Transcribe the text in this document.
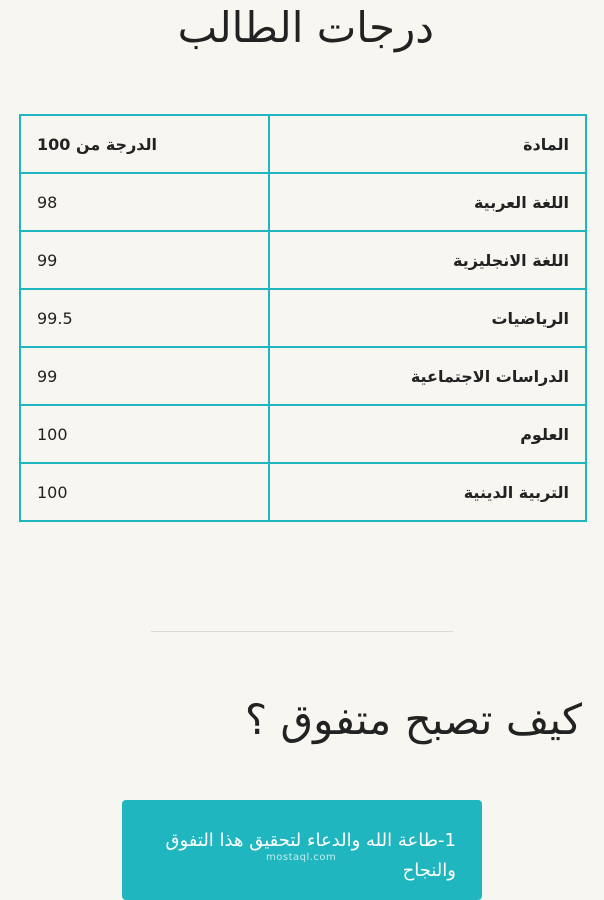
درجات الطالب
المادة	الدرجة من 100
اللغة العربية	98
اللغة الانجليزية	99
الرياضيات	99.5
الدراسات الاجتماعية	99
العلوم	100
التربية الدينية	100
كيف تصبح متفوق ؟
1-طاعة الله والدعاء لتحقيق هذا التفوق والنجاح
mostaql.com
